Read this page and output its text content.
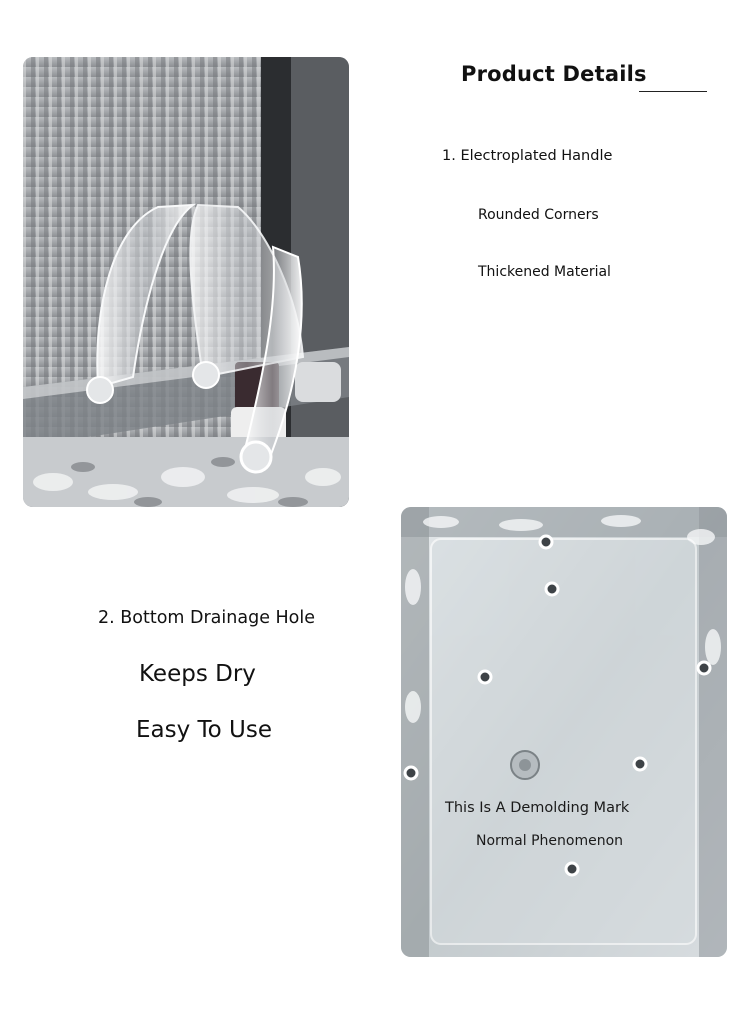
Product Details
1. Electroplated Handle
Rounded Corners
Thickened Material
2. Bottom Drainage Hole
Keeps Dry
Easy To Use
This Is A Demolding Mark
Normal Phenomenon
